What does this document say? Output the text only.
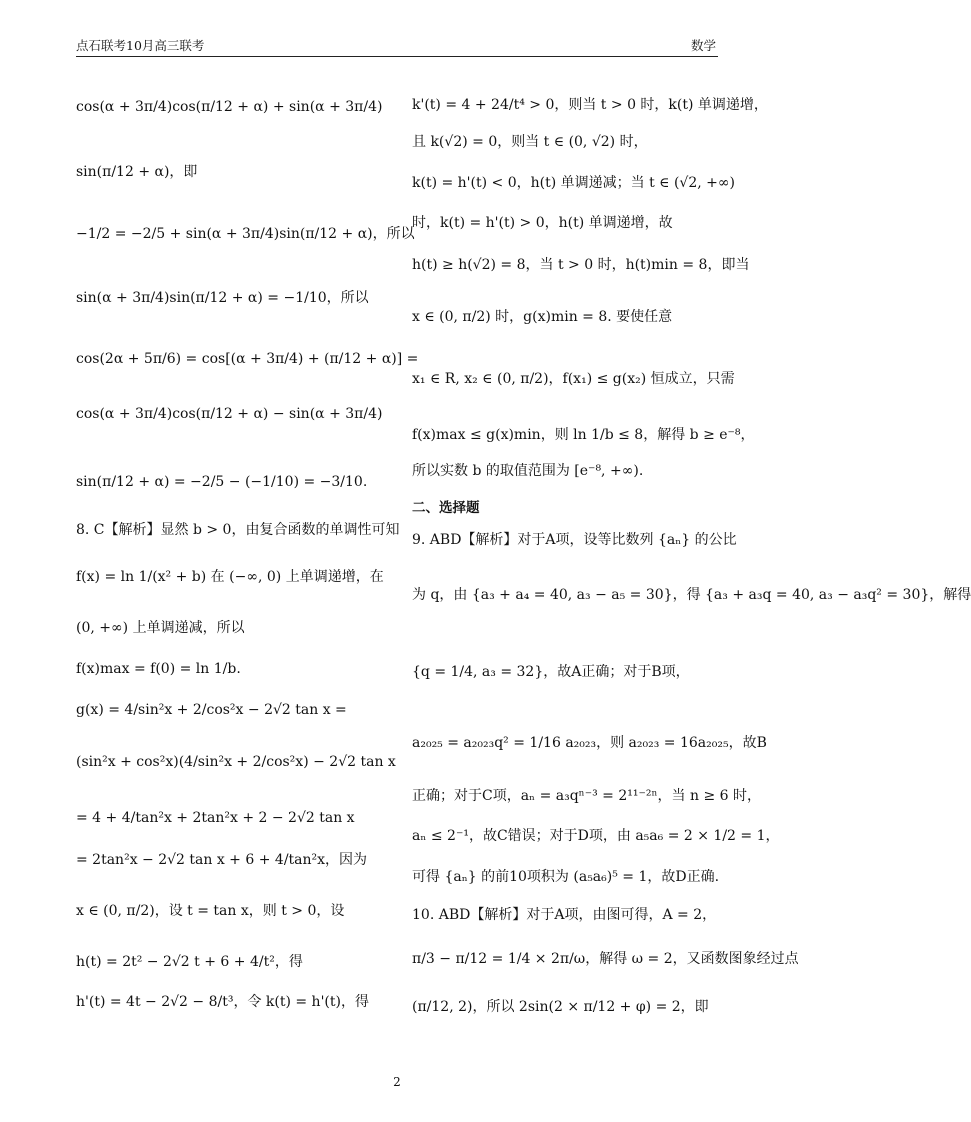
点石联考10月高三联考	数学
cos(α + 3π/4)cos(π/12 + α) + sin(α + 3π/4)
sin(π/12 + α)，即
−1/2 = −2/5 + sin(α + 3π/4)sin(π/12 + α)，所以
sin(α + 3π/4)sin(π/12 + α) = −1/10，所以
cos(2α + 5π/6) = cos[(α + 3π/4) + (π/12 + α)] =
cos(α + 3π/4)cos(π/12 + α) − sin(α + 3π/4)
sin(π/12 + α) = −2/5 − (−1/10) = −3/10.
8. C【解析】显然 b > 0，由复合函数的单调性可知
f(x) = ln 1/(x² + b) 在 (−∞, 0) 上单调递增，在
(0, +∞) 上单调递减，所以
f(x)max = f(0) = ln 1/b.
g(x) = 4/sin²x + 2/cos²x − 2√2 tan x =
(sin²x + cos²x)(4/sin²x + 2/cos²x) − 2√2 tan x
= 4 + 4/tan²x + 2tan²x + 2 − 2√2 tan x
= 2tan²x − 2√2 tan x + 6 + 4/tan²x，因为
x ∈ (0, π/2)，设 t = tan x，则 t > 0，设
h(t) = 2t² − 2√2 t + 6 + 4/t²，得
h'(t) = 4t − 2√2 − 8/t³，令 k(t) = h'(t)，得
k'(t) = 4 + 24/t⁴ > 0，则当 t > 0 时，k(t) 单调递增，
且 k(√2) = 0，则当 t ∈ (0, √2) 时，
k(t) = h'(t) < 0，h(t) 单调递减；当 t ∈ (√2, +∞)
时，k(t) = h'(t) > 0，h(t) 单调递增，故
h(t) ≥ h(√2) = 8，当 t > 0 时，h(t)min = 8，即当
x ∈ (0, π/2) 时，g(x)min = 8. 要使任意
x₁ ∈ R, x₂ ∈ (0, π/2)，f(x₁) ≤ g(x₂) 恒成立，只需
f(x)max ≤ g(x)min，则 ln 1/b ≤ 8，解得 b ≥ e⁻⁸，
所以实数 b 的取值范围为 [e⁻⁸, +∞).
二、选择题
9. ABD【解析】对于A项，设等比数列 {aₙ} 的公比
为 q，由 {a₃ + a₄ = 40, a₃ − a₅ = 30}，得 {a₃ + a₃q = 40, a₃ − a₃q² = 30}，解得
{q = 1/4, a₃ = 32}，故A正确；对于B项，
a₂₀₂₅ = a₂₀₂₃q² = 1/16 a₂₀₂₃，则 a₂₀₂₃ = 16a₂₀₂₅，故B
正确；对于C项，aₙ = a₃qⁿ⁻³ = 2¹¹⁻²ⁿ，当 n ≥ 6 时，
aₙ ≤ 2⁻¹，故C错误；对于D项，由 a₅a₆ = 2 × 1/2 = 1，
可得 {aₙ} 的前10项积为 (a₅a₆)⁵ = 1，故D正确.
10. ABD【解析】对于A项，由图可得，A = 2，
π/3 − π/12 = 1/4 × 2π/ω，解得 ω = 2，又函数图象经过点
(π/12, 2)，所以 2sin(2 × π/12 + φ) = 2，即
2
